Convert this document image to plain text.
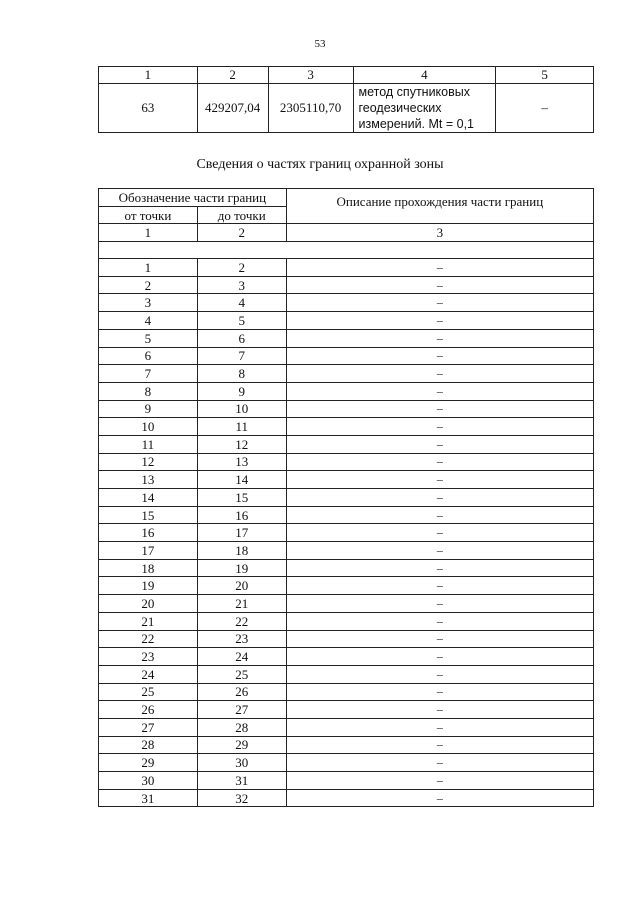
53
1	2	3	4	5
63	429207,04	2305110,70	метод спутниковых
геодезических
измерений. Mt = 0,1	–
Сведения о частях границ охранной зоны
Обозначение части границ		Описание прохождения части границ
от точки	до точки	
1	2	3

1	2	–
2	3	–
3	4	–
4	5	–
5	6	–
6	7	–
7	8	–
8	9	–
9	10	–
10	11	–
11	12	–
12	13	–
13	14	–
14	15	–
15	16	–
16	17	–
17	18	–
18	19	–
19	20	–
20	21	–
21	22	–
22	23	–
23	24	–
24	25	–
25	26	–
26	27	–
27	28	–
28	29	–
29	30	–
30	31	–
31	32	–
